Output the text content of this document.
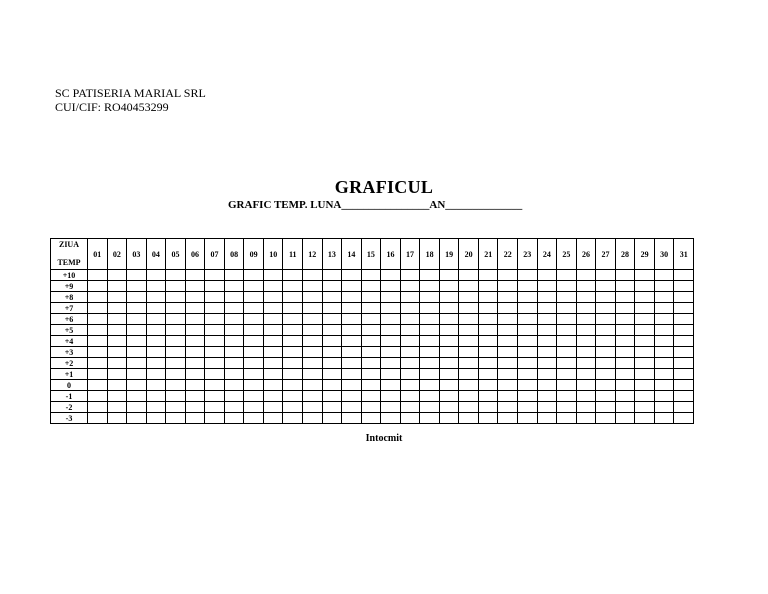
SC PATISERIA MARIAL SRL
CUI/CIF: RO40453299
GRAFICUL
GRAFIC TEMP. LUNA________________AN______________
ZIUA
TEMP	01	02	03	04	05	06	07	08	09	10	11	12	13	14	15	16	17	18	19	20	21	22	23	24	25	26	27	28	29	30	31
+10																															
+9																															
+8																															
+7																															
+6																															
+5																															
+4																															
+3																															
+2																															
+1																															
0																															
-1																															
-2																															
-3																															
Intocmit
